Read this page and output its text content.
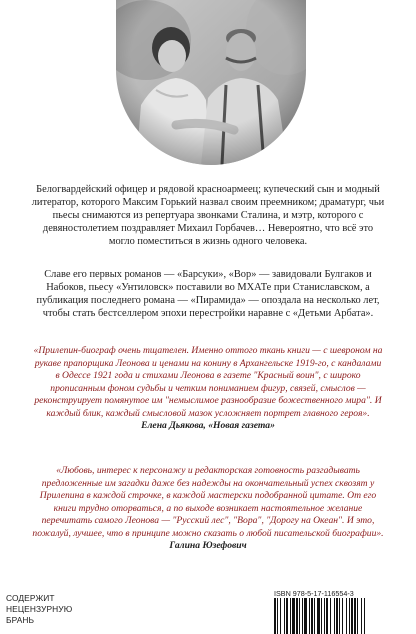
Белогвардейский офицер и рядовой красноармеец; купеческий сын и модный литератор, которого Максим Горький назвал своим преемником; драматург, чьи пьесы снимаются из репертуара звонками Сталина, и мэтр, которого с девяностолетием поздравляет Михаил Горбачев… Невероятно, что всё это могло поместиться в жизнь одного человека.

Славе его первых романов — «Барсуки», «Вор» — завидовали Булгаков и Набоков, пьесу «Унтиловск» поставили во МХАТе при Станиславском, а публикация последнего романа — «Пирамида» — опоздала на несколько лет, чтобы стать бестселлером эпохи перестройки наравне с «Детьми Арбата».

«Прилепин-биограф очень тщателен. Именно оттого ткань книги — с шевроном на рукаве прапорщика Леонова и ценами на конину в Архангельске 1919-го, с кандалами в Одессе 1921 года и стихами Леонова в газете "Красный воин", с широко прописанным фоном судьбы и четким пониманием фигур, связей, смыслов — реконструирует помянутое им "немыслимое разнообразие божественного мира". И каждый блик, каждый смысловой мазок усложняет портрет главного героя».
Елена Дьякова, «Новая газета»
«Любовь, интерес к персонажу и редакторская готовность разгадывать предложенные им загадки даже без надежды на окончательный успех сквозят у Прилепина в каждой строчке, в каждой мастерски подобранной цитате. От его книги трудно оторваться, а по выходе возникает настоятельное желание перечитать самого Леонова — "Русский лес", "Вора", "Дорогу на Океан". И это, пожалуй, лучшее, что в принципе можно сказать о любой писательской биографии».
Галина Юзефович
СОДЕРЖИТ
НЕЦЕНЗУРНУЮ
БРАНЬ
ISBN 978-5-17-116554-3
